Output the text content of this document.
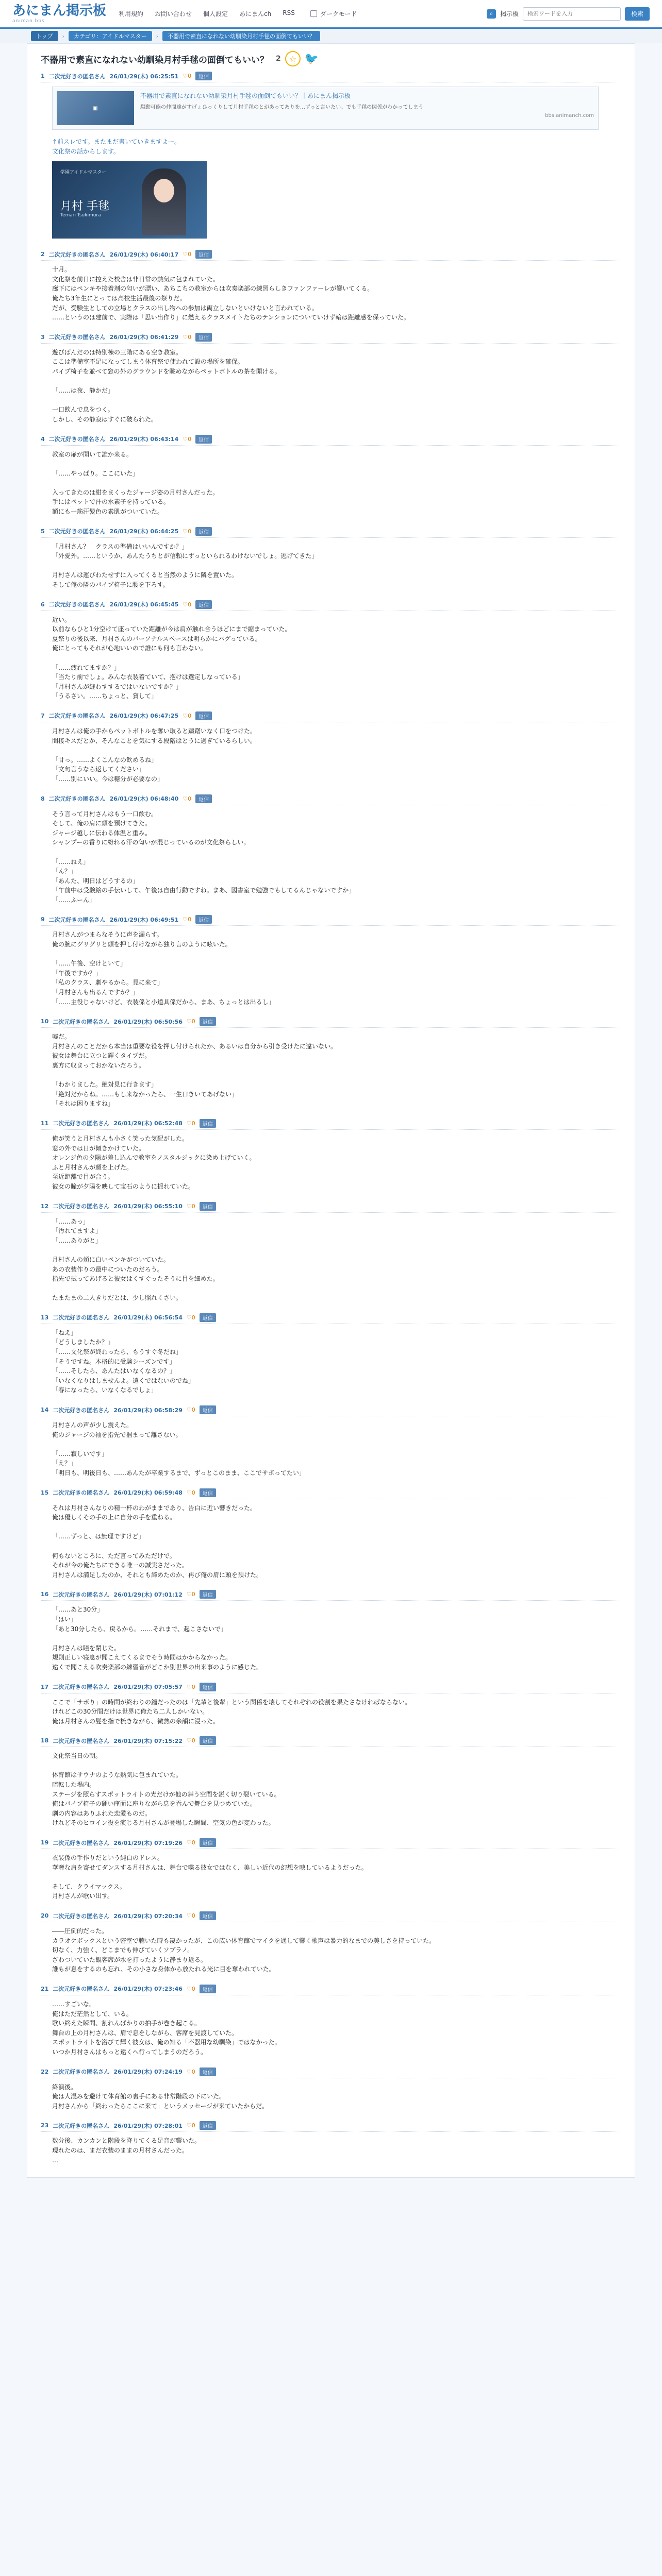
あにまん掲示板
animan bbs
利用規約 お問い合わせ 個人設定 あにまんch RSS	ダークモード	⌕	掲示板
検索ワードを入力	検索
トップ	›	カテゴリ：アイドルマスター	›	不器用で素直になれない幼馴染月村手毬の面倒てもいい？
不器用で素直になれない幼馴染月村手毬の面倒てもいい？ 2 ☆ 🐦
1 二次元好きの匿名さん 26/01/29(木) 06:25:51 ♡0	返信
▣
不器用で素直になれない幼馴染月村手毬の面倒てもいい？｜あにまん掲示板
駆動可能の仲間達がすげぇひっくりして月村手毬のとがあってありを…ずっと言いたい。でも手毬の関係がわかってしまう
bbs.animanch.com
↑前スレです。またまだ書いていきますよー。
文化祭の話からします。
学園アイドルマスター
月村 手毬
Temari Tsukimura
2 二次元好きの匿名さん 26/01/29(木) 06:40:17 ♡0	返信
十月。
文化祭を前日に控えた校舎は非日常の熱気に包まれていた。
廊下にはペンキや接着剤の匂いが漂い、あちこちの教室からは吹奏楽部の練習らしきファンファーレが響いてくる。
俺たち3年生にとっては高校生活最後の祭りだ。
だが、受験生としての立場とクラスの出し物への参加は両立しないといけないと言われている。
……というのは建前で、実際は「思い出作り」に燃えるクラスメイトたちのテンションについていけず輪は距離感を保っていた。
3 二次元好きの匿名さん 26/01/29(木) 06:41:29 ♡0	返信
遊びばんだのは特別棟の三階にある空き教室。
ここは準備室不足になってしまう体育祭で使われて設の場所を確保。
パイプ椅子を並べて窓の外のグラウンドを眺めながらペットボトルの茶を開ける。

「……は夜、静かだ」

一口飲んで息をつく。
しかし、その静寂はすぐに破られた。
4 二次元好きの匿名さん 26/01/29(木) 06:43:14 ♡0	返信
教室の扉が開いて誰か来る。

「……やっぱり。ここにいた」

入ってきたのは紺をまくったジャージ姿の月村さんだった。
手にはペットで汗の水素子を持っている。
額にも一筋汗髪色の素肌がついていた。
5 二次元好きの匿名さん 26/01/29(木) 06:44:25 ♡0	返信
「月村さん？　クラスの準備はいいんですか？」
「外愛外。……というか、あんたうちとが信頼にずっといられるわけないでしょ。逃げてきた」

月村さんは運びわたせずに入ってくると当然のように隣を置いた。
そして俺の隣のパイプ椅子に腰を下ろす。
6 二次元好きの匿名さん 26/01/29(木) 06:45:45 ♡0	返信
近い。
以前ならひと1分空けて座っていた距離が今は肩が触れ合うほどにまで縮まっていた。
夏祭りの後以来、月村さんのパーソナルスペースは明らかにバグっている。
俺にとってもそれが心地いいので誰にも何も言わない。

「……疲れてますか？」
「当たり前でしょ。みんな衣装着ていて、抱けは選定しなっている」
「月村さんが縫わすするではいないですか？」
「うるさい。……ちょっと、貸して」
7 二次元好きの匿名さん 26/01/29(木) 06:47:25 ♡0	返信
月村さんは俺の手からペットボトルを奪い取ると躊躇いなく口をつけた。
間接キスだとか、そんなことを気にする段階はとうに過ぎているらしい。

「甘っ。……よくこんなの飲めるね」
「文句言うなら返してください」
「……別にいい。今は糖分が必要なの」
8 二次元好きの匿名さん 26/01/29(木) 06:48:40 ♡0	返信
そう言って月村さんはもう一口飲む。
そして、俺の肩に頭を預けてきた。
ジャージ越しに伝わる体温と重み。
シャンプーの香りに紛れる汗の匂いが混じっているのが文化祭らしい。

「……ねえ」
「ん？」
「あんた、明日はどうするの」
「午前中は受験絵の手伝いして、午後は自由行動ですね。まあ、図書室で勉強でもしてるんじゃないですか」
「……ふーん」
9 二次元好きの匿名さん 26/01/29(木) 06:49:51 ♡0	返信
月村さんがつまらなそうに声を漏らす。
俺の腕にグリグリと頭を押し付けながら独り言のように呟いた。

「……午後、空けといて」
「午後ですか？」
「私のクラス、劇やるから。見に来て」
「月村さんも出るんですか？」
「……主役じゃないけど、衣装係と小道具係だから、まあ、ちょっとは出るし」
10 二次元好きの匿名さん 26/01/29(木) 06:50:56 ♡0	返信
嘘だ。
月村さんのことだから本当は重要な役を押し付けられたか、あるいは自分から引き受けたに違いない。
彼女は舞台に立つと輝くタイプだ。
裏方に収まっておかないだろう。

「わかりました。絶対見に行きます」
「絶対だからね。……もし来なかったら、一生口きいてあげない」
「それは困りますね」
11 二次元好きの匿名さん 26/01/29(木) 06:52:48 ♡0	返信
俺が笑うと月村さんも小さく笑った気配がした。
窓の外では日が傾きかけていた。
オレンジ色の夕陽が差し込んで教室をノスタルジックに染め上げていく。
ふと月村さんが顔を上げた。
至近距離で目が合う。
彼女の瞳が夕陽を映して宝石のように揺れていた。
12 二次元好きの匿名さん 26/01/29(木) 06:55:10 ♡0	返信
「……あっ」
「汚れてますよ」
「……ありがと」

月村さんの頬に白いペンキがついていた。
あの衣装作りの最中についたのだろう。
指先で拭ってあげると彼女はくすぐったそうに目を細めた。

たまたまの二人きりだとは、少し照れくさい。
13 二次元好きの匿名さん 26/01/29(木) 06:56:54 ♡0	返信
「ねえ」
「どうしましたか？」
「……文化祭が終わったら、もうすぐ冬だね」
「そうですね。本格的に受験シーズンです」
「……そしたら、あんたはいなくなるの？」
「いなくなりはしませんよ。遠くではないのでね」
「春になったら、いなくなるでしょ」
14 二次元好きの匿名さん 26/01/29(木) 06:58:29 ♡0	返信
月村さんの声が少し震えた。
俺のジャージの袖を指先で掴まって離さない。

「……寂しいです」
「え？」
「明日も、明後日も、……あんたが卒業するまで、ずっとこのまま、ここでサボってたい」
15 二次元好きの匿名さん 26/01/29(木) 06:59:48 ♡0	返信
それは月村さんなりの精一杯のわがままであり、告白に近い響きだった。
俺は優しくその手の上に自分の手を重ねる。

「……ずっと、は無理ですけど」

何もないところに、ただ言ってみただけで。
それが今の俺たちにできる唯一の誠実さだった。
月村さんは満足したのか、それとも諦めたのか、再び俺の肩に頭を預けた。
16 二次元好きの匿名さん 26/01/29(木) 07:01:12 ♡0	返信
「……あと30分」
「はい」
「あと30分したら、戻るから。……それまで、起こさないで」

月村さんは瞳を閉じた。
規則正しい寝息が聞こえてくるまでそう時間はかからなかった。
遠くで聞こえる吹奏楽部の練習音がどこか別世界の出来事のように感じた。
17 二次元好きの匿名さん 26/01/29(木) 07:05:57 ♡0	返信
ここで「サボり」の時間が終わりの鐘だったのは「先輩と後輩」という関係を壊してそれぞれの役割を果たさなければならない。
けれどこの30分間だけは世界に俺たち二人しかいない。
俺は月村さんの髪を指で梳きながら、微熱の余韻に浸った。
18 二次元好きの匿名さん 26/01/29(木) 07:15:22 ♡0	返信
文化祭当日の朝。

体育館はサウナのような熱気に包まれていた。
暗転した場内。
ステージを照らすスポットライトの光だけが他の舞う空間を鋭く切り裂いている。
俺はパイプ椅子の硬い座面に座りながら息を吞んで舞台を見つめていた。
劇の内容はありふれた恋愛ものだ。
けれどそのヒロイン役を演じる月村さんが登場した瞬間、空気の色が変わった。
19 二次元好きの匿名さん 26/01/29(木) 07:19:26 ♡0	返信
衣装係の手作りだという純白のドレス。
華奢な肩を寄せてダンスする月村さんは、舞台で喋る彼女ではなく、美しい近代の幻想を映しているようだった。

そして、クライマックス。
月村さんが歌い出す。
20 二次元好きの匿名さん 26/01/29(木) 07:20:34 ♡0	返信
――圧倒的だった。
カラオケボックスという密室で聴いた時も凄かったが、この広い体育館でマイクを通して響く歌声は暴力的なまでの美しさを持っていた。
切なく、力強く、どこまでも伸びていくソプラノ。
ざわついていた観客席が水を打ったように静まり返る。
誰もが息をするのも忘れ、その小さな身体から放たれる光に目を奪われていた。
21 二次元好きの匿名さん 26/01/29(木) 07:23:46 ♡0	返信
……すごいな。
俺はただ茫然として、いる。
歌い終えた瞬間、割れんばかりの拍手が巻き起こる。
舞台の上の月村さんは、肩で息をしながら、客席を見渡していた。
スポットライトを浴びて輝く彼女は、俺の知る「不器用な幼馴染」ではなかった。
いつか月村さんはもっと遠くへ行ってしまうのだろう。
22 二次元好きの匿名さん 26/01/29(木) 07:24:19 ♡0	返信
終演後。
俺は人混みを避けて体育館の裏手にある非常階段の下にいた。
月村さんから「終わったらここに来て」というメッセージが来ていたからだ。
23 二次元好きの匿名さん 26/01/29(木) 07:28:01 ♡0	返信
数分後、カンカンと階段を降りてくる足音が響いた。
現れたのは、まだ衣装のままの月村さんだった。
…
